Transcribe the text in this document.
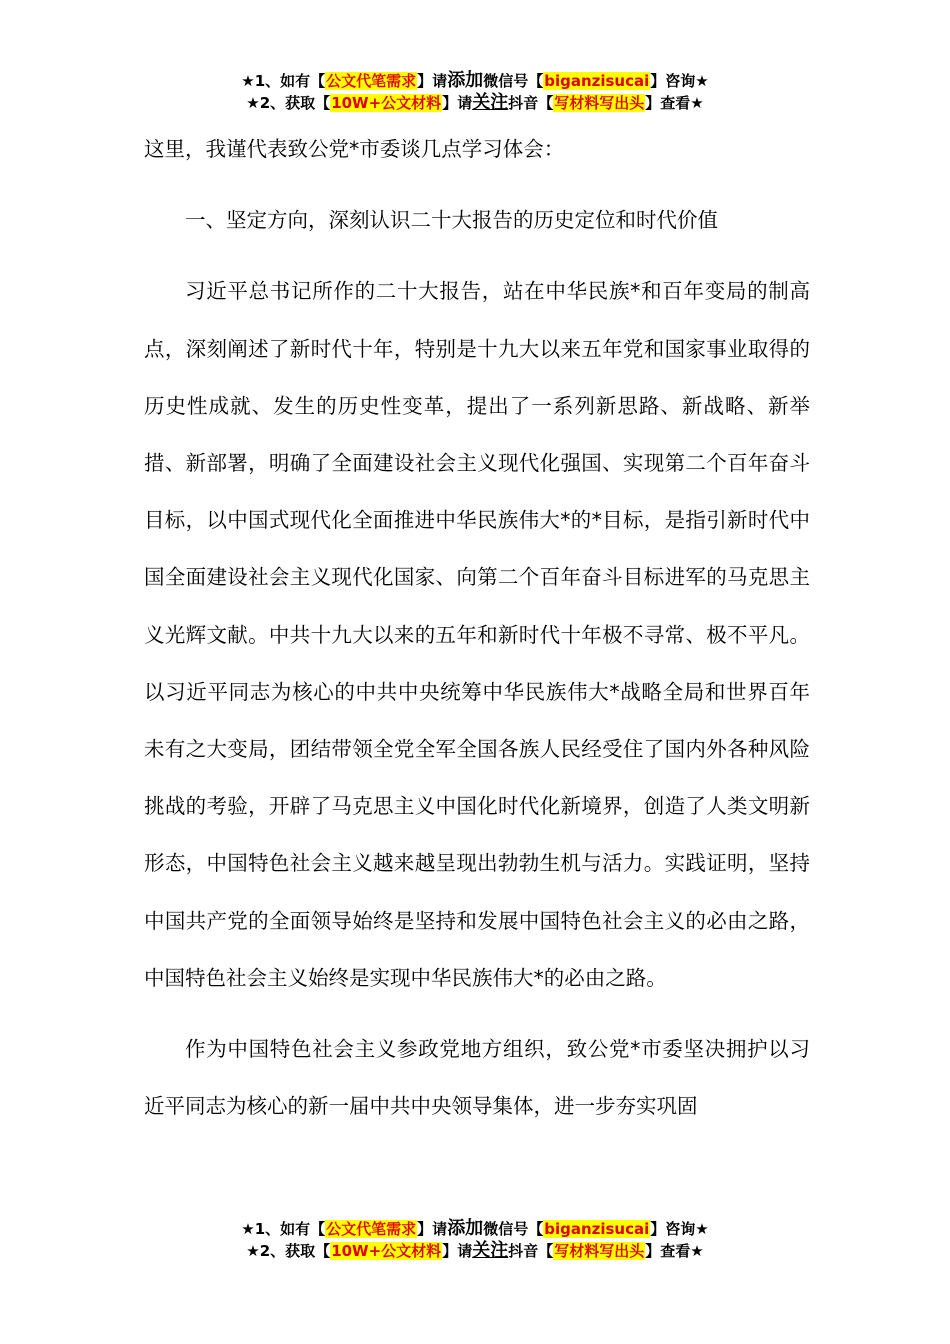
★1、如有【公文代笔需求】请添加微信号【biganzisucai】咨询★
★2、获取【10W+公文材料】请关注抖音【写材料写出头】查看★

这里，我谨代表致公党*市委谈几点学习体会：

一、坚定方向，深刻认识二十大报告的历史定位和时代价值

习近平总书记所作的二十大报告，站在中华民族*和百年变局的制高点，深刻阐述了新时代十年，特别是十九大以来五年党和国家事业取得的历史性成就、发生的历史性变革，提出了一系列新思路、新战略、新举措、新部署，明确了全面建设社会主义现代化强国、实现第二个百年奋斗目标，以中国式现代化全面推进中华民族伟大*的*目标，是指引新时代中国全面建设社会主义现代化国家、向第二个百年奋斗目标进军的马克思主义光辉文献。中共十九大以来的五年和新时代十年极不寻常、极不平凡。以习近平同志为核心的中共中央统筹中华民族伟大*战略全局和世界百年未有之大变局，团结带领全党全军全国各族人民经受住了国内外各种风险挑战的考验，开辟了马克思主义中国化时代化新境界，创造了人类文明新形态，中国特色社会主义越来越呈现出勃勃生机与活力。实践证明，坚持中国共产党的全面领导始终是坚持和发展中国特色社会主义的必由之路，中国特色社会主义始终是实现中华民族伟大*的必由之路。

作为中国特色社会主义参政党地方组织，致公党*市委坚决拥护以习近平同志为核心的新一届中共中央领导集体，进一步夯实巩固

★1、如有【公文代笔需求】请添加微信号【biganzisucai】咨询★
★2、获取【10W+公文材料】请关注抖音【写材料写出头】查看★
